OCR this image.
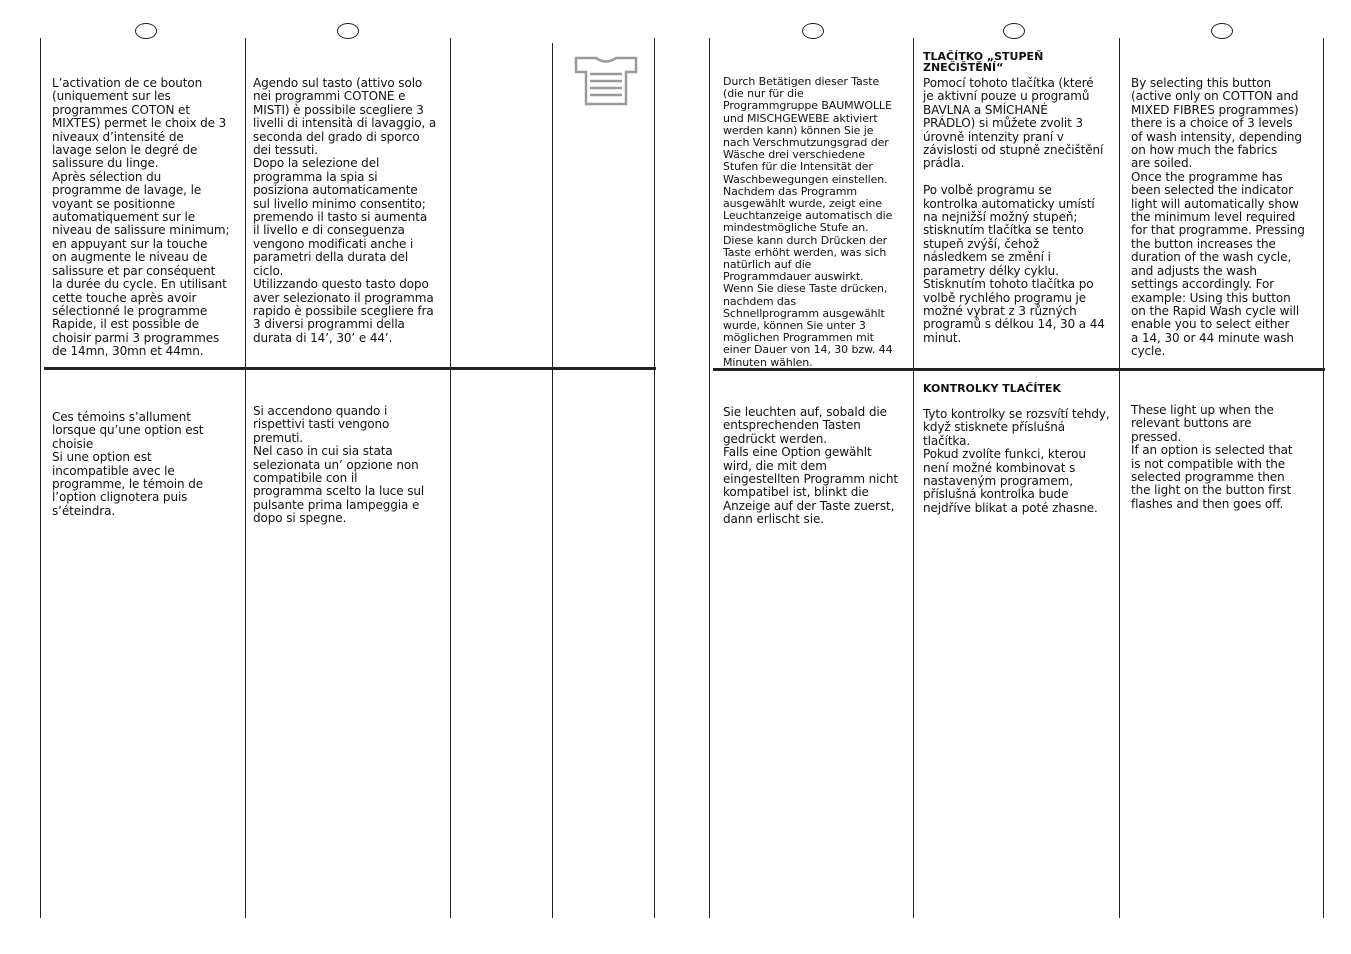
L’activation de ce bouton
(uniquement sur les
programmes COTON et
MIXTES) permet le choix de 3
niveaux d’intensité de
lavage selon le degré de
salissure du linge.
Après sélection du
programme de lavage, le
voyant se positionne
automatiquement sur le
niveau de salissure minimum;
en appuyant sur la touche
on augmente le niveau de
salissure et par conséquent
la durée du cycle. En utilisant
cette touche après avoir
sélectionné le programme
Rapide, il est possible de
choisir parmi 3 programmes
de 14mn, 30mn et 44mn.
Ces témoins s’allument
lorsque qu’une option est
choisie
Si une option est
incompatible avec le
programme, le témoin de
l’option clignotera puis
s’éteindra.
Agendo sul tasto (attivo solo
nei programmi COTONE e
MISTI) è possibile scegliere 3
livelli di intensità di lavaggio, a
seconda del grado di sporco
dei tessuti.
Dopo la selezione del
programma la spia si
posiziona automaticamente
sul livello minimo consentito;
premendo il tasto si aumenta
il livello e di conseguenza
vengono modificati anche i
parametri della durata del
ciclo.
Utilizzando questo tasto dopo
aver selezionato il programma
rapido è possibile scegliere fra
3 diversi programmi della
durata di 14’, 30’ e 44’.
Si accendono quando i
rispettivi tasti vengono
premuti.
Nel caso in cui sia stata
selezionata un’ opzione non
compatibile con il
programma scelto la luce sul
pulsante prima lampeggia e
dopo si spegne.
Durch Betätigen dieser Taste
(die nur für die
Programmgruppe BAUMWOLLE
und MISCHGEWEBE aktiviert
werden kann) können Sie je
nach Verschmutzungsgrad der
Wäsche drei verschiedene
Stufen für die Intensität der
Waschbewegungen einstellen.
Nachdem das Programm
ausgewählt wurde, zeigt eine
Leuchtanzeige automatisch die
mindestmögliche Stufe an.
Diese kann durch Drücken der
Taste erhöht werden, was sich
natürlich auf die
Programmdauer auswirkt.
Wenn Sie diese Taste drücken,
nachdem das
Schnellprogramm ausgewählt
wurde, können Sie unter 3
möglichen Programmen mit
einer Dauer von 14, 30 bzw. 44
Minuten wählen.
Sie leuchten auf, sobald die
entsprechenden Tasten
gedrückt werden.
Falls eine Option gewählt
wird, die mit dem
eingestellten Programm nicht
kompatibel ist, blinkt die
Anzeige auf der Taste zuerst,
dann erlischt sie.
TLAČÍTKO „STUPEŇ
ZNEČIŠTĚNÍ“
Pomocí tohoto tlačítka (které
je aktivní pouze u programů
BAVLNA a SMÍCHANÉ
PRÁDLO) si můžete zvolit 3
úrovně intenzity praní v
závislosti od stupně znečištění
prádla.

Po volbě programu se
kontrolka automaticky umístí
na nejnižší možný stupeň;
stisknutím tlačítka se tento
stupeň zvýší, čehož
následkem se změní i
parametry délky cyklu.
Stisknutím tohoto tlačítka po
volbě rychlého programu je
možné vybrat z 3 různých
programů s délkou 14, 30 a 44
minut.
KONTROLKY TLAČÍTEK
Tyto kontrolky se rozsvítí tehdy,
když stisknete příslušná
tlačítka.
Pokud zvolíte funkci, kterou
není možné kombinovat s
nastaveným programem,
příslušná kontrolka bude
nejdříve blikat a poté zhasne.
By selecting this button
(active only on COTTON and
MIXED FIBRES programmes)
there is a choice of 3 levels
of wash intensity, depending
on how much the fabrics
are soiled.
Once the programme has
been selected the indicator
light will automatically show
the minimum level required
for that programme. Pressing
the button increases the
duration of the wash cycle,
and adjusts the wash
settings accordingly. For
example: Using this button
on the Rapid Wash cycle will
enable you to select either
a 14, 30 or 44 minute wash
cycle.
These light up when the
relevant buttons are
pressed.
If an option is selected that
is not compatible with the
selected programme then
the light on the button first
flashes and then goes off.
